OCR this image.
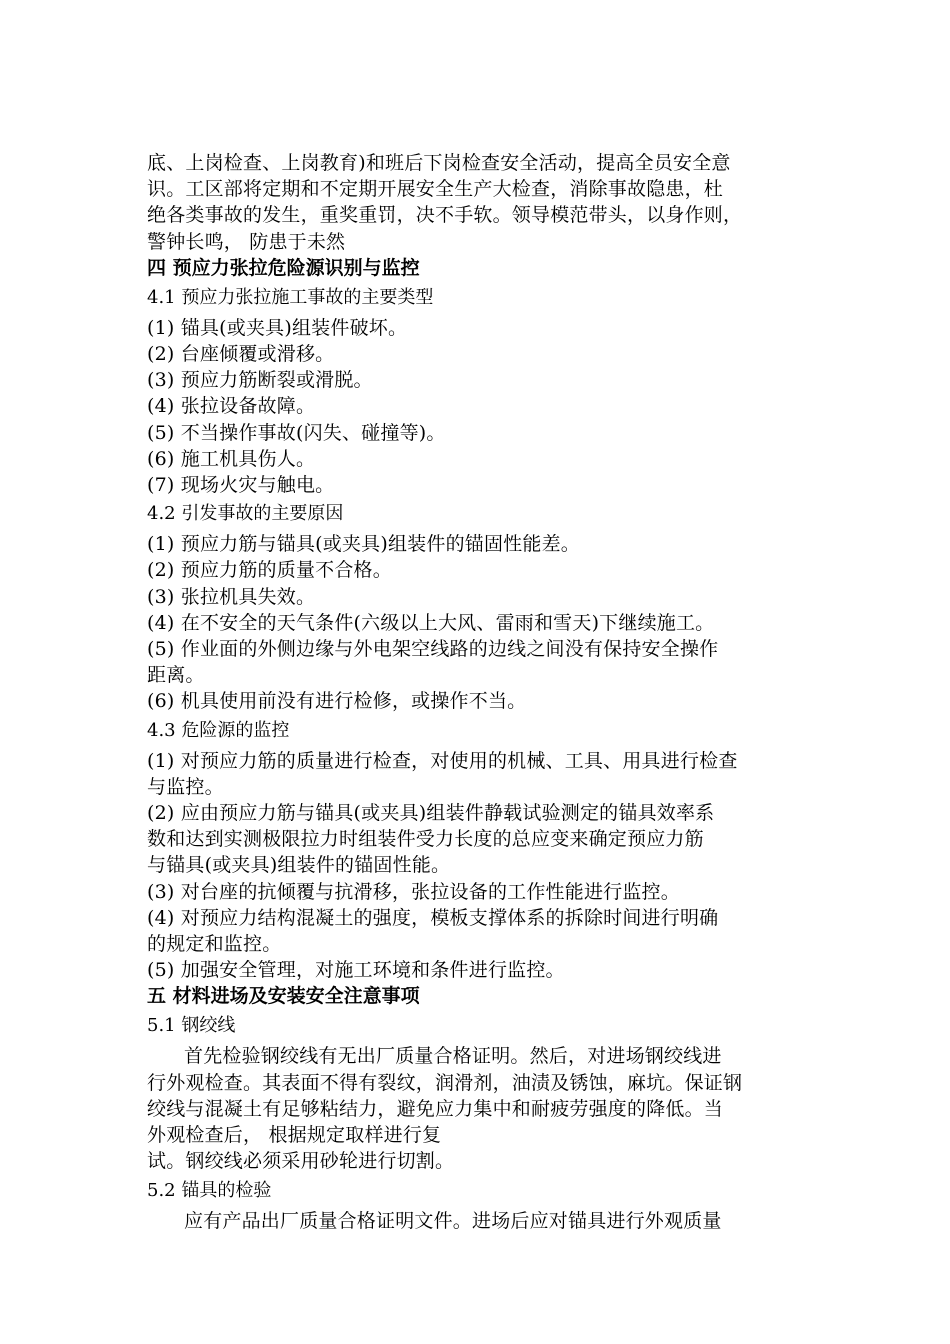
底、上岗检查、上岗教育)和班后下岗检查安全活动，提高全员安全意
识。工区部将定期和不定期开展安全生产大检查，消除事故隐患，杜
绝各类事故的发生，重奖重罚，决不手软。领导模范带头，以身作则，
警钟长鸣， 防患于未然
四 预应力张拉危险源识别与监控
4.1 预应力张拉施工事故的主要类型
(1) 锚具(或夹具)组装件破坏。
(2) 台座倾覆或滑移。
(3) 预应力筋断裂或滑脱。
(4) 张拉设备故障。
(5) 不当操作事故(闪失、碰撞等)。
(6) 施工机具伤人。
(7) 现场火灾与触电。
4.2 引发事故的主要原因
(1) 预应力筋与锚具(或夹具)组装件的锚固性能差。
(2) 预应力筋的质量不合格。
(3) 张拉机具失效。
(4) 在不安全的天气条件(六级以上大风、雷雨和雪天)下继续施工。
(5) 作业面的外侧边缘与外电架空线路的边线之间没有保持安全操作
距离。
(6) 机具使用前没有进行检修，或操作不当。
4.3 危险源的监控
(1) 对预应力筋的质量进行检查，对使用的机械、工具、用具进行检查
与监控。
(2) 应由预应力筋与锚具(或夹具)组装件静载试验测定的锚具效率系
数和达到实测极限拉力时组装件受力长度的总应变来确定预应力筋
与锚具(或夹具)组装件的锚固性能。
(3) 对台座的抗倾覆与抗滑移，张拉设备的工作性能进行监控。
(4) 对预应力结构混凝土的强度，模板支撑体系的拆除时间进行明确
的规定和监控。
(5) 加强安全管理，对施工环境和条件进行监控。
五 材料进场及安装安全注意事项
5.1 钢绞线
首先检验钢绞线有无出厂质量合格证明。然后，对进场钢绞线进
行外观检查。其表面不得有裂纹，润滑剂，油渍及锈蚀，麻坑。保证钢
绞线与混凝土有足够粘结力，避免应力集中和耐疲劳强度的降低。当
外观检查后， 根据规定取样进行复
试。钢绞线必须采用砂轮进行切割。
5.2 锚具的检验
应有产品出厂质量合格证明文件。进场后应对锚具进行外观质量
